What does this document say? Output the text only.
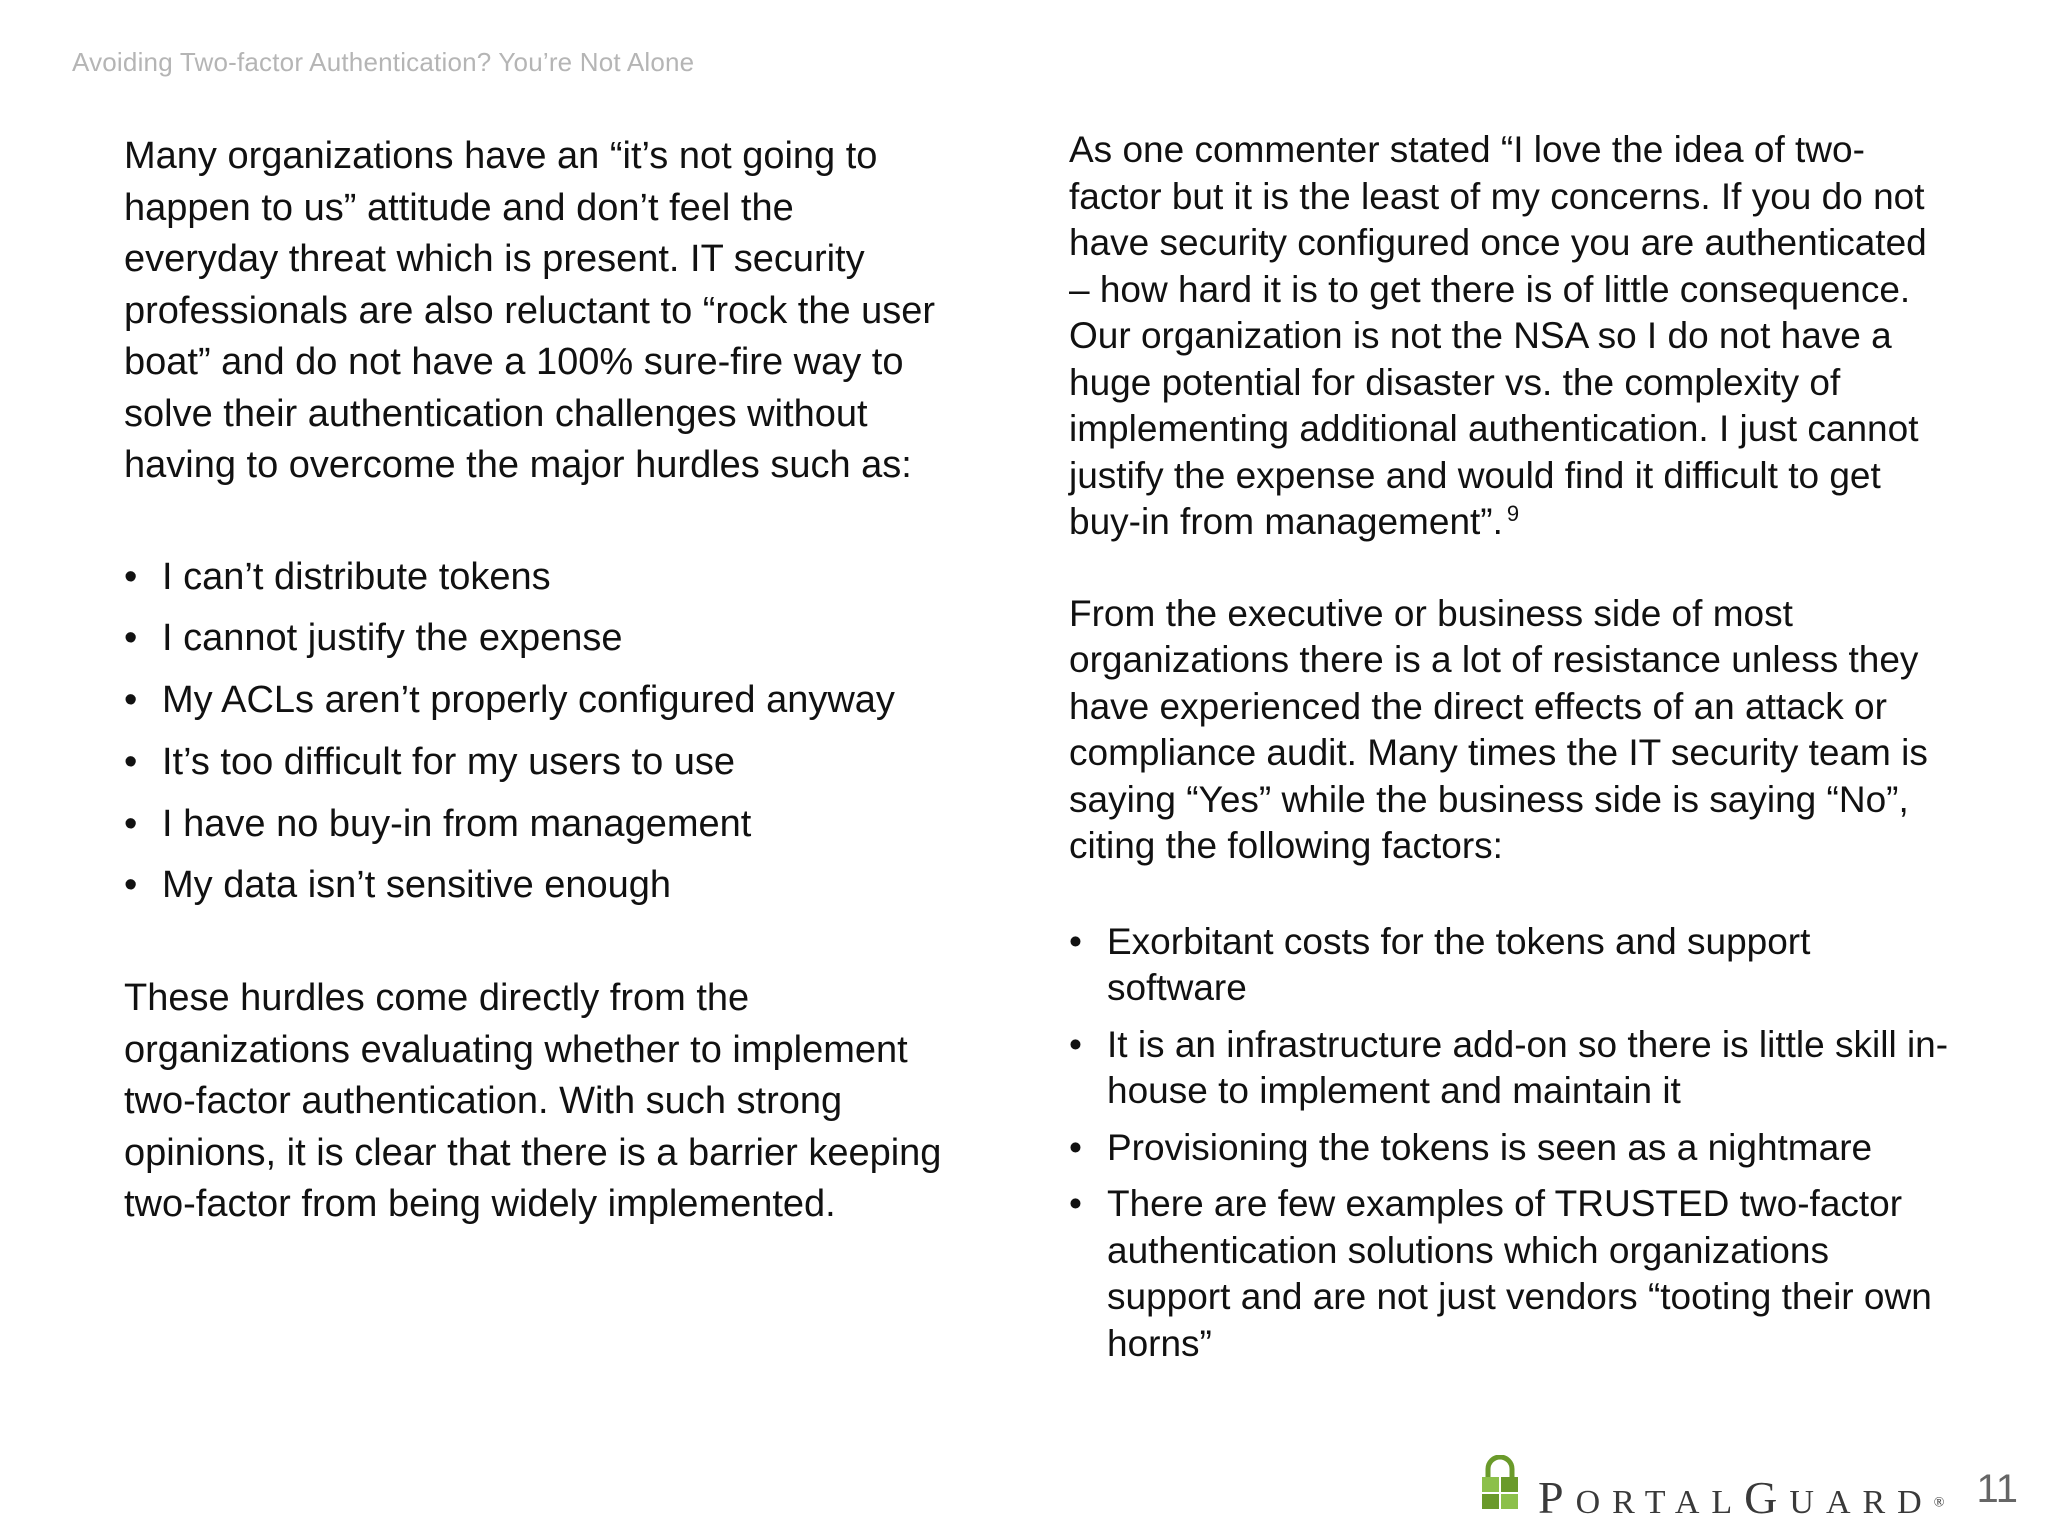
Avoiding Two-factor Authentication? You’re Not Alone

Many organizations have an “it’s not going to happen to us” attitude and don’t feel the everyday threat which is present. IT security professionals are also reluctant to “rock the user boat” and do not have a 100% sure-fire way to solve their authentication challenges without having to overcome the major hurdles such as:

• I can’t distribute tokens
• I cannot justify the expense
• My ACLs aren’t properly configured anyway
• It’s too difficult for my users to use
• I have no buy-in from management
• My data isn’t sensitive enough

These hurdles come directly from the organizations evaluating whether to implement two-factor authentication. With such strong opinions, it is clear that there is a barrier keeping two-factor from being widely implemented.

As one commenter stated “I love the idea of two-factor but it is the least of my concerns. If you do not have security configured once you are authenticated – how hard it is to get there is of little consequence. Our organization is not the NSA so I do not have a huge potential for disaster vs. the complexity of implementing additional authentication. I just cannot justify the expense and would find it difficult to get buy-in from management”. $^9$

From the executive or business side of most organizations there is a lot of resistance unless they have experienced the direct effects of an attack or compliance audit. Many times the IT security team is saying “Yes” while the business side is saying “No”, citing the following factors:

• Exorbitant costs for the tokens and support software
• It is an infrastructure add-on so there is little skill in-house to implement and maintain it
• Provisioning the tokens is seen as a nightmare
• There are few examples of TRUSTED two-factor authentication solutions which organizations support and are not just vendors “tooting their own horns”
PORTALGUARD® 11
